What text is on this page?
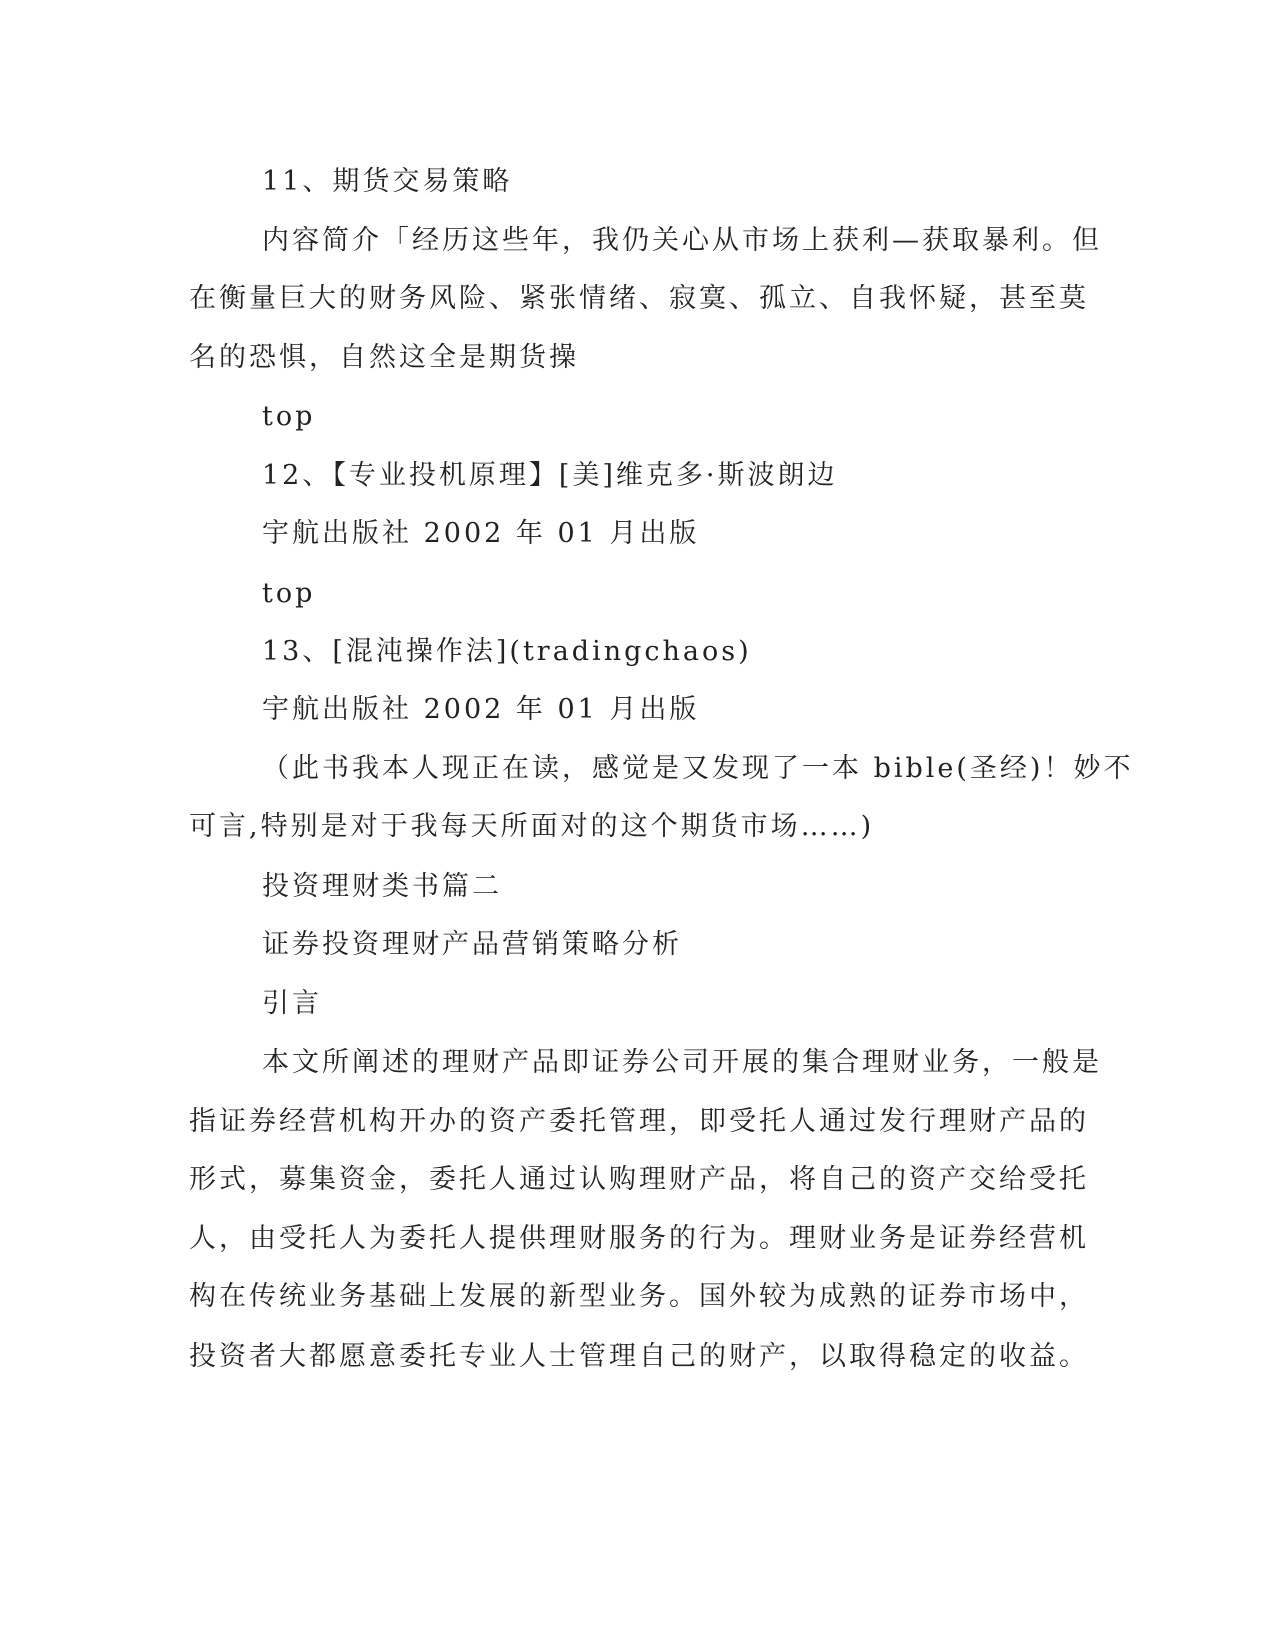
11、期货交易策略
内容简介「经历这些年，我仍关心从市场上获利—获取暴利。但
在衡量巨大的财务风险、紧张情绪、寂寞、孤立、自我怀疑，甚至莫
名的恐惧，自然这全是期货操
top
12、【专业投机原理】[美]维克多·斯波朗边
宇航出版社 2002 年 01 月出版
top
13、[混沌操作法](tradingchaos)
宇航出版社 2002 年 01 月出版
（此书我本人现正在读，感觉是又发现了一本 bible(圣经)！妙不
可言,特别是对于我每天所面对的这个期货市场……)
投资理财类书篇二
证券投资理财产品营销策略分析
引言
本文所阐述的理财产品即证券公司开展的集合理财业务，一般是
指证券经营机构开办的资产委托管理，即受托人通过发行理财产品的
形式，募集资金，委托人通过认购理财产品，将自己的资产交给受托
人，由受托人为委托人提供理财服务的行为。理财业务是证券经营机
构在传统业务基础上发展的新型业务。国外较为成熟的证券市场中，
投资者大都愿意委托专业人士管理自己的财产，以取得稳定的收益。
